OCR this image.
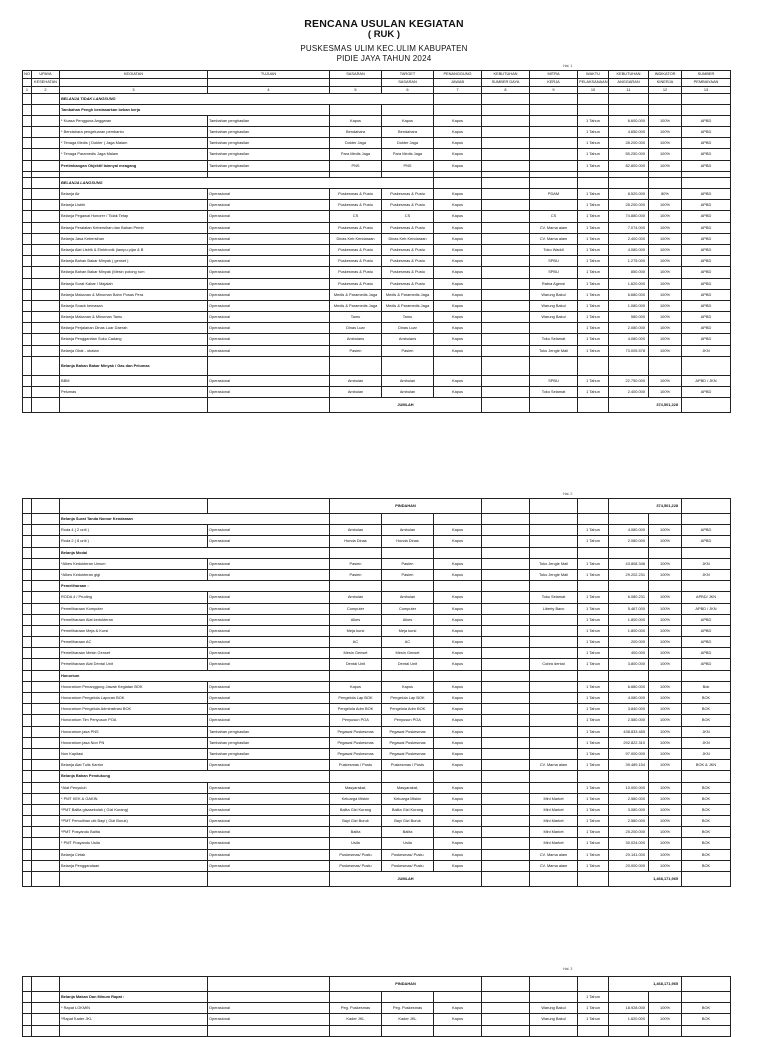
RENCANA USULAN KEGIATAN
( RUK )
PUSKESMAS ULIM KEC.ULIM KABUPATEN
PIDIE JAYA TAHUN 2024
Hal. 1
NO	UPAYA	KEGIATAN	TUJUAN	SASARAN	TARGET	PENANGGUNG	KEBUTUHAN	MITRA	WAKTU	KEBUTUHAN	INDIKATOR	SUMBER	
	KESEHATAN				SASARAN	JAWAB	SUMBER DAYA	KERJA	PELAKSANAAN	ANGGARAN	KINERJA	PEMBIAYAAN	
1	2	3	4	5	6	7	8	9	10	11	12	13	
		BELANJA TIDAK LANGSUNG											
		Tambahan Pengh berdasarkan beban kerja											
		* Kuasa Pengguna Anggaran	Tambahan penghasilan	Kapus	Kapus	Kapus			1 Tahun	6.600.000	100%	APBD	
		* Bendahara pengeluaran pembantu	Tambahan penghasilan	Bendahara	Bendahara	Kapus			1 Tahun	4.650.000	100%	APBD	
		* Tenaga Medis ( Dokter ) Jaga Malam	Tambahan penghasilan	Dokter Jaga	Dokter Jaga	Kapus			1 Tahun	28.200.000	100%	APBD	
		* Tenaga Paramedis Jaga Malam	Tambahan penghasilan	Para Medis Jaga	Para Medis Jaga	Kapus			1 Tahun	55.250.000	100%	APBD	
		Pertimbangan Objektif lainnyal meagang	Tambahan penghasilan	PNS	PNS	Kapus			1 Tahun	82.800.000	100%	APBD	

		BELANJA LANGSUNG											
		Belanja Air	Operasional	Puskesmas & Pustu	Puskesmas & Pustu	Kapus		PDAM	1 Tahun	8.520.000	80%	APBD	
		Belanja Listrik	Operasional	Puskesmas & Pustu	Puskesmas & Pustu	Kapus			1 Tahun	28.200.000	100%	APBD	
		Belanja Pegawai Honorer / Tidak Tetap	Operasional	CS	CS	Kapus		CS	1 Tahun	74.880.000	100%	APBD	
		Belanja Peralatan Kebersihan dan Bahan Pemb	Operasional	Puskesmas & Pustu	Puskesmas & Pustu	Kapus		CV. Mama alam	1 Tahun	7.074.000	100%	APBD	
		Belanja Jasa Kebersihan	Operasional	Dinas Keb Kendaraan	Dinas Keb Kendaraan	Kapus		CV. Mama alam	1 Tahun	2.400.000	100%	APBD	
		Belanja Alat Listrik & Elektronik (lampu pijar & B	Operasional	Puskesmas & Pustu	Puskesmas & Pustu	Kapus		Toko Waddi	1 Tahun	4.080.000	100%	APBD	
		Belanja Bahan Bakar Minyak ( genset )	Operasional	Puskesmas & Pustu	Puskesmas & Pustu	Kapus		SPBU	1 Tahun	1.275.000	100%	APBD	
		Belanja Bahan Bakar Minyak (Mesin potong rum	Operasional	Puskesmas & Pustu	Puskesmas & Pustu	Kapus		SPBU	1 Tahun	850.000	100%	APBD	
		Belanja Surat Kabar / Majalah	Operasional	Puskesmas & Pustu	Puskesmas & Pustu	Kapus		Ratna Agensi	1 Tahun	1.620.000	100%	APBD	
		Belanja Makanan & Minuman Bahn Pusas Pera	Operasional	Medis & Paramedis Jaga	Medis & Paramedis Jaga	Kapus		Warung Bakul	1 Tahun	6.680.000	100%	APBD	
		Belanja Snack kemasan	Operasional	Medis & Paramedis Jaga	Medis & Paramedis Jaga	Kapus		Warung Bakul	1 Tahun	1.080.000	100%	APBD	
		Belanja Makanan & Minuman Tamu	Operasional	Tamu	Tamu	Kapus		Warung Bakul	1 Tahun	580.000	100%	APBD	
		Belanja Perjalanan Dinas Luar Daerah	Operasional	Dinas Luar	Dinas Luar	Kapus			1 Tahun	2.080.000	100%	APBD	
		Belanja Penggantian Suku Cadang	Operasional	Ambulans	Ambulans	Kapus		Toko Selamat	1 Tahun	4.080.000	100%	APBD	
		Belanja Obat - obatan	Operasional	Pasien	Pasien	Kapus		Toko Jengle Mali	1 Tahun	73.005.578	100%	JKN	
		Belanja Bahan Bakar Minyak / Gas dan Pelumas											
		BBM	Operasional	Ambulan	Ambulan	Kapus		SPBU	1 Tahun	22.750.000	100%	APBD / JKN	
		Pelumas	Operasional	Ambulan	Ambulan	Kapus		Toko Selamat	1 Tahun	2.400.000	100%	APBD	
				JUMLAH						374,501,228			
Hal. 2
				PINDAHAN						374,501,228			
		Belanja Surat Tanda Nomor Kendaraan											
		Roda 4 ( 2 unit )	Operasional	Ambulan	Ambulan	Kapus			1 Tahun	4.080.000	100%	APBD	
		Roda 2 ( 8 unit )	Operasional	Honda Dinas	Honda Dinas	Kapus			1 Tahun	2.080.000	100%	APBD	
		Belanja Modal											
		*Alkes Kedokteran Umum	Operasional	Pasien	Pasien	Kapus		Toko Jengle Mali	1 Tahun	43.808.346	100%	JKN	
		*Alkes Kedokteran gigi	Operasional	Pasien	Pasien	Kapus		Toko Jengle Mali	1 Tahun	29.202.231	100%	JKN	
		Pemeliharaan :											
		RODA 4 / Pruding	Operasional	Ambulan	Ambulan	Kapus		Toko Selamat	1 Tahun	6.080.231	100%	APBD/ JKN	
		Pemeliharaan Komputer	Operasional	Computer	Computer	Kapus		Liberty Banc	1 Tahun	5.467.000	100%	APBD / JKN	
		Pemeliharaan Alat kedokteran	Operasional	Alkes	Alkes	Kapus			1 Tahun	1.800.000	100%	APBD	
		Pemeliharaan Meja & Kursi	Operasional	Meja kursi	Meja kursi	Kapus			1 Tahun	1.800.000	100%	APBD	
		Pemeliharaan AC	Operasional	AC	AC	Kapus			1 Tahun	200.000	100%	APBD	
		Pemeliharaan Mesin Genset	Operasional	Mesin Genset	Mesin Genset	Kapus			1 Tahun	400.000	100%	APBD	
		Pemeliharaan Alat Dental Unit	Operasional	Dental Unit	Dental Unit	Kapus		Cobra dental	1 Tahun	3.800.000	100%	APBD	
		Honorium											
		Honorarium Penanggung Jawab Kegiatan BOK	Operasional	Kapus	Kapus	Kapus			1 Tahun	6.680.000	100%	Bok	
		Honorarium Pengelola Laporan BOK	Operasional	Pengelola Lap BOK	Pengelola Lap BOK	Kapus			1 Tahun	4.080.000	100%	BOK	
		Honorarium Pengelola Adminsitrasi BOK	Operasional	Pengelola Adm BOK	Pengelola Adm BOK	Kapus			1 Tahun	3.840.000	100%	BOK	
		Honorarium Tim Penyusun POA	Operasional	Penyusun POA	Penyusun POA	Kapus			1 Tahun	2.580.000	100%	BOK	
		Honorarium jasa PNS	Tambahan penghasilan	Pegawai Puskesmas	Pegawai Puskesmas	Kapus			1 Tahun	438.833.465	100%	JKN	
		Honorarium jasa Non PN	Tambahan penghasilan	Pegawai Puskesmas	Pegawai Puskesmas	Kapus			1 Tahun	292.822.310	100%	JKN	
		Non Kapitasi	Tambahan penghasilan	Pegawai Puskesmas	Pegawai Puskesmas	Kapus			1 Tahun	97.000.000	100%	JKN	
		Belanja Alat Tulis Kantor	Operasional	Puskesmas / Pustu	Puskesmas / Pustu	Kapus		CV. Mama alam	1 Tahun	39.489.154	100%	BOK & JKN	
		Belanja Bahan Pendukung											
		*Alat Penyuluh	Operasional	Masyarakat,	Masyarakat,	Kapus			1 Tahun	10.000.000	100%	BOK	
		* PMT KEK & GAKIN	Operasional	Keluarga Miskin	Keluarga Miskin	Kapus		Mini Market	1 Tahun	2.580.000	100%	BOK	
		*PMT Balita gisasekolah ( Gizi Kurang)	Operasional	Balita Gizi Kurang	Balita Gizi Kurang	Kapus		Mini Market	1 Tahun	3.080.000	100%	BOK	
		*PMT Pemulihan utk Bayi ( Gizi Buruk)	Operasional	Bayi Gizi Buruk	Bayi Gizi Buruk	Kapus		Mini Market	1 Tahun	2.580.000	100%	BOK	
		*PMT Posyandu Balita	Operasional	Balita	Balita	Kapus		Mini Market	1 Tahun	25.200.000	100%	BOK	
		* PMT Posyandu Usila	Operasional	Usila	Usila	Kapus		Mini Market	1 Tahun	30.024.000	100%	BOK	
		Belanja Cetak	Operasional	Puskesmas/ Pustu	Puskesmas/ Pustu	Kapus		CV. Mama alam	1 Tahun	20.141.000	100%	BOK	
		Belanja Penggandaan	Operasional	Puskesmas/ Pustu	Puskesmas/ Pustu	Kapus		CV. Mama alam	1 Tahun	20.000.000	100%	BOK	
				JUMLAH						1,468,171,965			
Hal. 3
				PINDAHAN						1,468,171,965			
		Belanja Makan Dan Minum Rapat :							1 Tahun				
		* Rapat LOKMIN	Operasional	Peg. Puskesmas	Peg. Puskesmas	Kapus		Warung Bakul	1 Tahun	18.928.000	100%	BOK	
		*Rapat Kader JKL	Operasional	Kader JKL	Kader JKL	Kapus		Warung Bakul	1 Tahun	1.620.000	100%	BOK	
